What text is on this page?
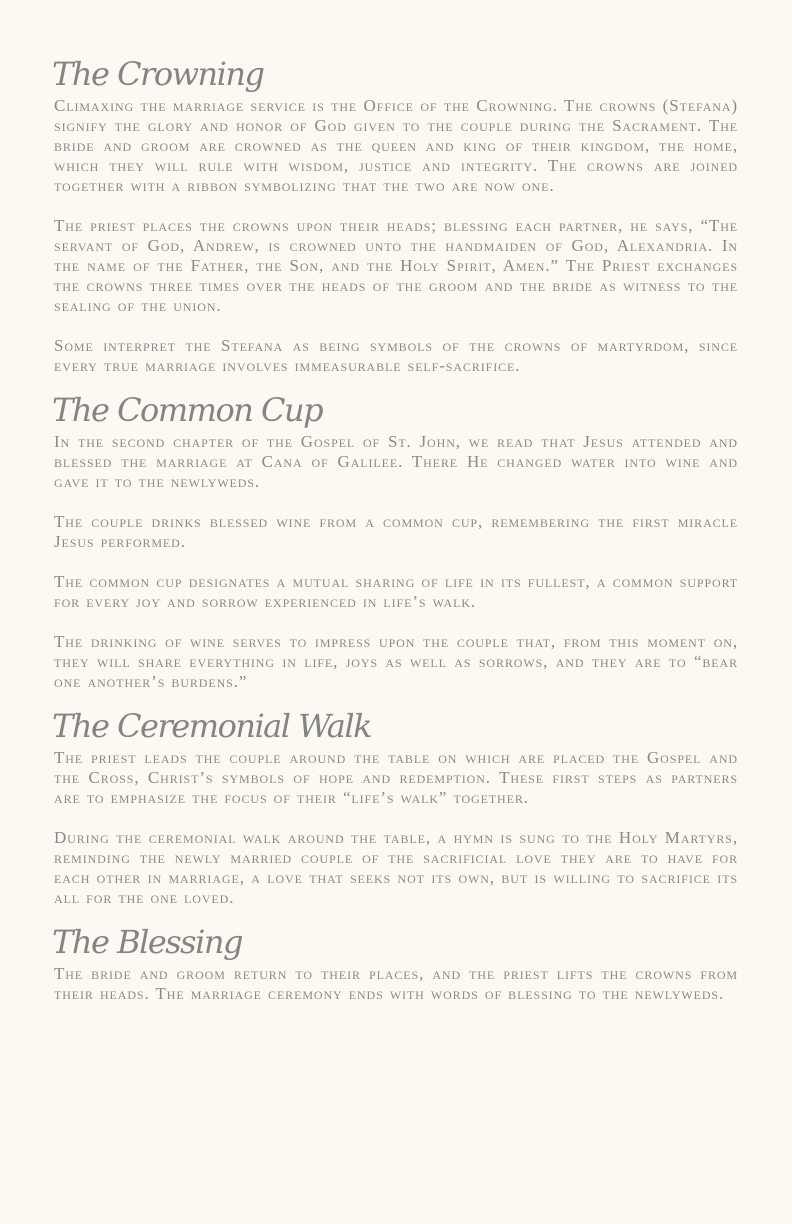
The Crowning

Climaxing the marriage service is the Office of the Crowning. The crowns (Stefana) signify the glory and honor of God given to the couple during the Sacrament. The bride and groom are crowned as the queen and king of their kingdom, the home, which they will rule with wisdom, justice and integrity. The crowns are joined together with a ribbon symbolizing that the two are now one.

The priest places the crowns upon their heads; blessing each partner, he says, “The servant of God, Andrew, is crowned unto the handmaiden of God, Alexandria. In the name of the Father, the Son, and the Holy Spirit, Amen.” The Priest exchanges the crowns three times over the heads of the groom and the bride as witness to the sealing of the union.

Some interpret the Stefana as being symbols of the crowns of martyrdom, since every true marriage involves immeasurable self-sacrifice.

The Common Cup

In the second chapter of the Gospel of St. John, we read that Jesus attended and blessed the marriage at Cana of Galilee. There He changed water into wine and gave it to the newlyweds.

The couple drinks blessed wine from a common cup, remembering the first miracle Jesus performed.

The common cup designates a mutual sharing of life in its fullest, a common support for every joy and sorrow experienced in life’s walk.

The drinking of wine serves to impress upon the couple that, from this moment on, they will share everything in life, joys as well as sorrows, and they are to “bear one another’s burdens.”

The Ceremonial Walk

The priest leads the couple around the table on which are placed the Gospel and the Cross, Christ’s symbols of hope and redemption. These first steps as partners are to emphasize the focus of their “life’s walk” together.

During the ceremonial walk around the table, a hymn is sung to the Holy Martyrs, reminding the newly married couple of the sacrificial love they are to have for each other in marriage, a love that seeks not its own, but is willing to sacrifice its all for the one loved.

The Blessing

The bride and groom return to their places, and the priest lifts the crowns from their heads. The marriage ceremony ends with words of blessing to the newlyweds.
